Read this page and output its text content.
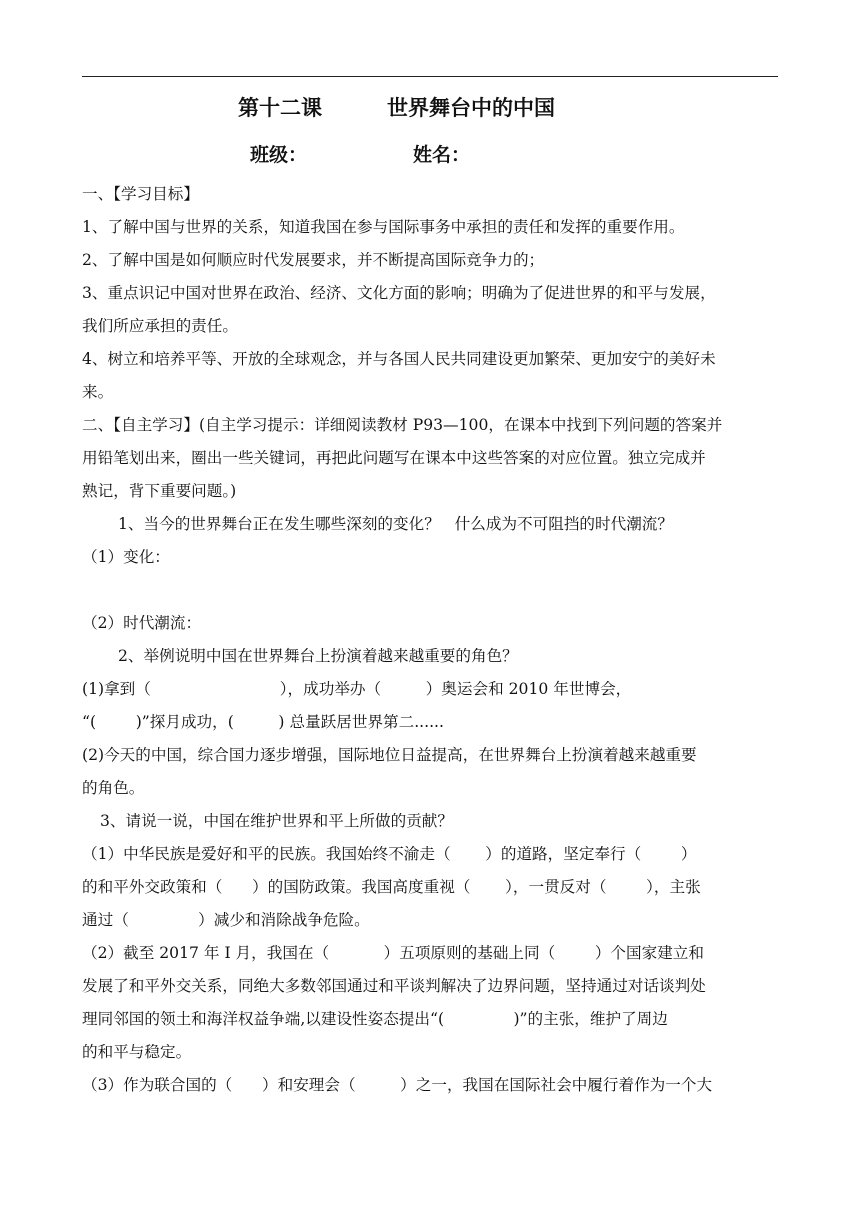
第十二课	世界舞台中的中国
班级：	姓名：

一、【学习目标】

1、了解中国与世界的关系，知道我国在参与国际事务中承担的责任和发挥的重要作用。

2、了解中国是如何顺应时代发展要求，并不断提高国际竞争力的；

3、重点识记中国对世界在政治、经济、文化方面的影响；明确为了促进世界的和平与发展，

我们所应承担的责任。

4、树立和培养平等、开放的全球观念，并与各国人民共同建设更加繁荣、更加安宁的美好未

来。

二、【自主学习】(自主学习提示：详细阅读教材 P93—100，在课本中找到下列问题的答案并

用铅笔划出来，圈出一些关键词，再把此问题写在课本中这些答案的对应位置。独立完成并

熟记，背下重要问题。)

1、当今的世界舞台正在发生哪些深刻的变化？   什么成为不可阻挡的时代潮流？

（1）变化：

（2）时代潮流：

2、举例说明中国在世界舞台上扮演着越来越重要的角色？

(1)拿到（                          ），成功举办（         ）奥运会和 2010 年世博会，

“(        )”探月成功，(         ) 总量跃居世界第二......

(2)今天的中国，综合国力逐步增强，国际地位日益提高，在世界舞台上扮演着越来越重要

的角色。

3、请说一说，中国在维护世界和平上所做的贡献？

（1）中华民族是爱好和平的民族。我国始终不渝走（       ）的道路，坚定奉行（        ）

的和平外交政策和（      ）的国防政策。我国高度重视（       ），一贯反对（        ），主张

通过（              ）减少和消除战争危险。

（2）截至 2017 年 I 月，我国在（           ）五项原则的基础上同（        ）个国家建立和

发展了和平外交关系，同绝大多数邻国通过和平谈判解决了边界问题，坚持通过对话谈判处

理同邻国的领土和海洋权益争端,以建设性姿态提出“(              )”的主张，维护了周边

的和平与稳定。

（3）作为联合国的（      ）和安理会（         ）之一，我国在国际社会中履行着作为一个大
